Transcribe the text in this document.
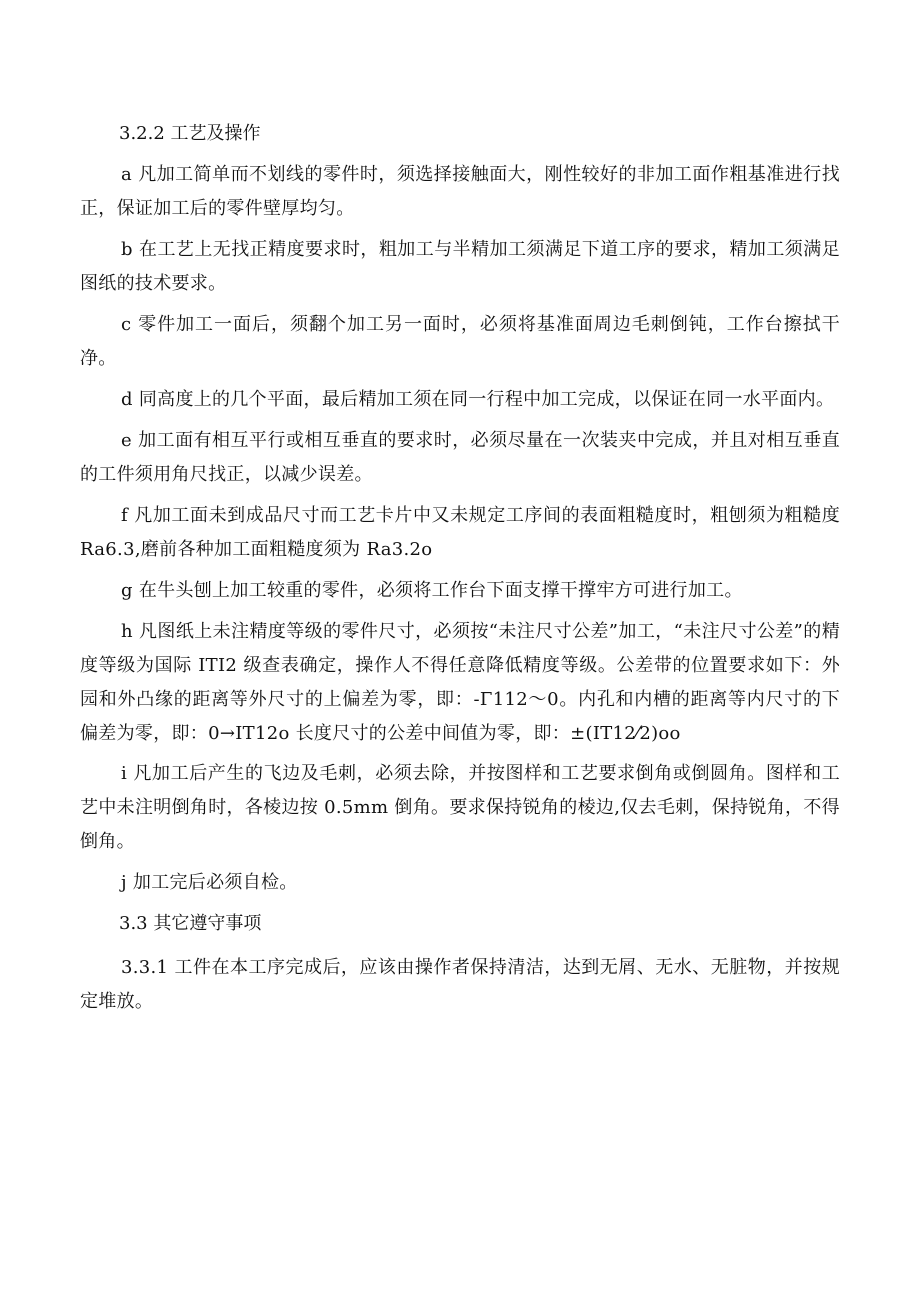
3.2.2 工艺及操作

a 凡加工简单而不划线的零件时，须选择接触面大，刚性较好的非加工面作粗基准进行找正，保证加工后的零件壁厚均匀。

b 在工艺上无找正精度要求时，粗加工与半精加工须满足下道工序的要求，精加工须满足图纸的技术要求。

c 零件加工一面后，须翻个加工另一面时，必须将基准面周边毛刺倒钝，工作台擦拭干净。

d 同高度上的几个平面，最后精加工须在同一行程中加工完成，以保证在同一水平面内。

e 加工面有相互平行或相互垂直的要求时，必须尽量在一次装夹中完成，并且对相互垂直的工件须用角尺找正，以减少误差。

f 凡加工面未到成品尺寸而工艺卡片中又未规定工序间的表面粗糙度时，粗刨须为粗糙度 Ra6.3,磨前各种加工面粗糙度须为 Ra3.2o

g 在牛头刨上加工较重的零件，必须将工作台下面支撑干撑牢方可进行加工。

h 凡图纸上未注精度等级的零件尺寸，必须按“未注尺寸公差”加工，“未注尺寸公差”的精度等级为国际 ITI2 级查表确定，操作人不得任意降低精度等级。公差带的位置要求如下：外园和外凸缘的距离等外尺寸的上偏差为零，即：-Γ112～0。内孔和内槽的距离等内尺寸的下偏差为零，即：0→IT12o 长度尺寸的公差中间值为零，即：±(IT12⁄2)oo

i 凡加工后产生的飞边及毛刺，必须去除，并按图样和工艺要求倒角或倒圆角。图样和工艺中未注明倒角时，各棱边按 0.5mm 倒角。要求保持锐角的棱边,仅去毛刺，保持锐角，不得倒角。

j 加工完后必须自检。

3.3 其它遵守事项

3.3.1 工件在本工序完成后，应该由操作者保持清洁，达到无屑、无水、无脏物，并按规定堆放。
